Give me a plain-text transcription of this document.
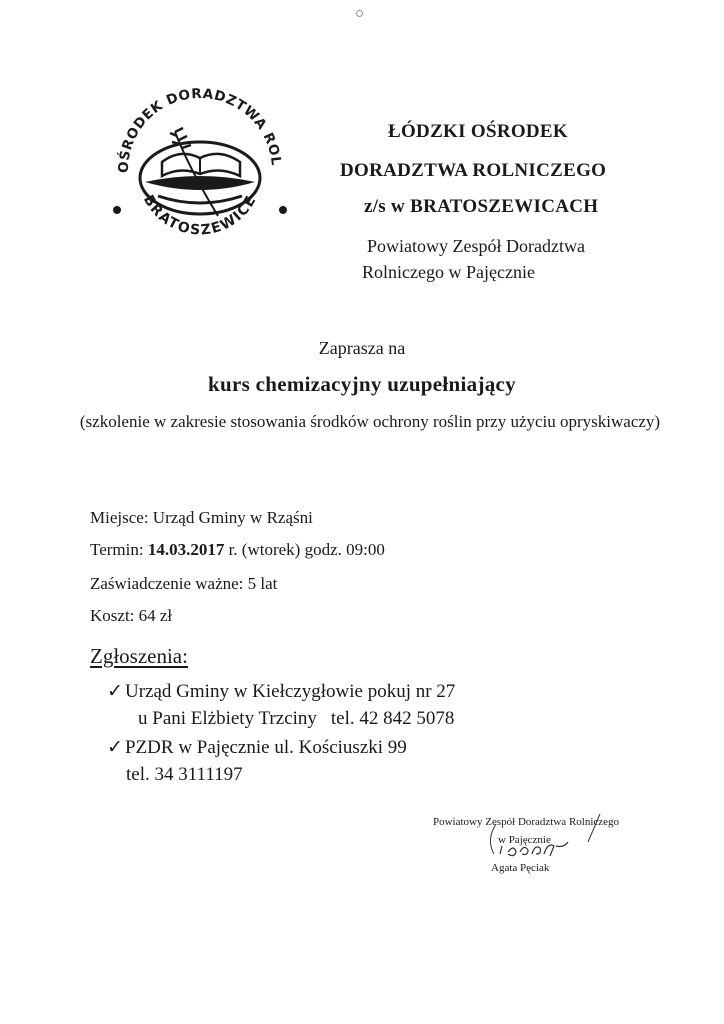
OŚRODEK DORADZTWA ROL
BRATOSZEWICE
ŁÓDZKI OŚRODEK
DORADZTWA ROLNICZEGO
z/s w BRATOSZEWICACH
Powiatowy Zespół Doradztwa
Rolniczego w Pajęcznie
Zaprasza na
kurs chemizacyjny uzupełniający
(szkolenie w zakresie stosowania środków ochrony roślin przy użyciu opryskiwaczy)
Miejsce: Urząd Gminy w Rząśni
Termin: 14.03.2017 r. (wtorek) godz. 09:00
Zaświadczenie ważne: 5 lat
Koszt: 64 zł
Zgłoszenia:
✓ Urząd Gminy w Kiełczygłowie pokuj nr 27
u Pani Elżbiety Trzciny tel. 42 842 5078
✓ PZDR w Pajęcznie ul. Kościuszki 99
tel. 34 3111197
Powiatowy Zespół Doradztwa Rolniczego
w Pajęcznie
Agata Pęciak
